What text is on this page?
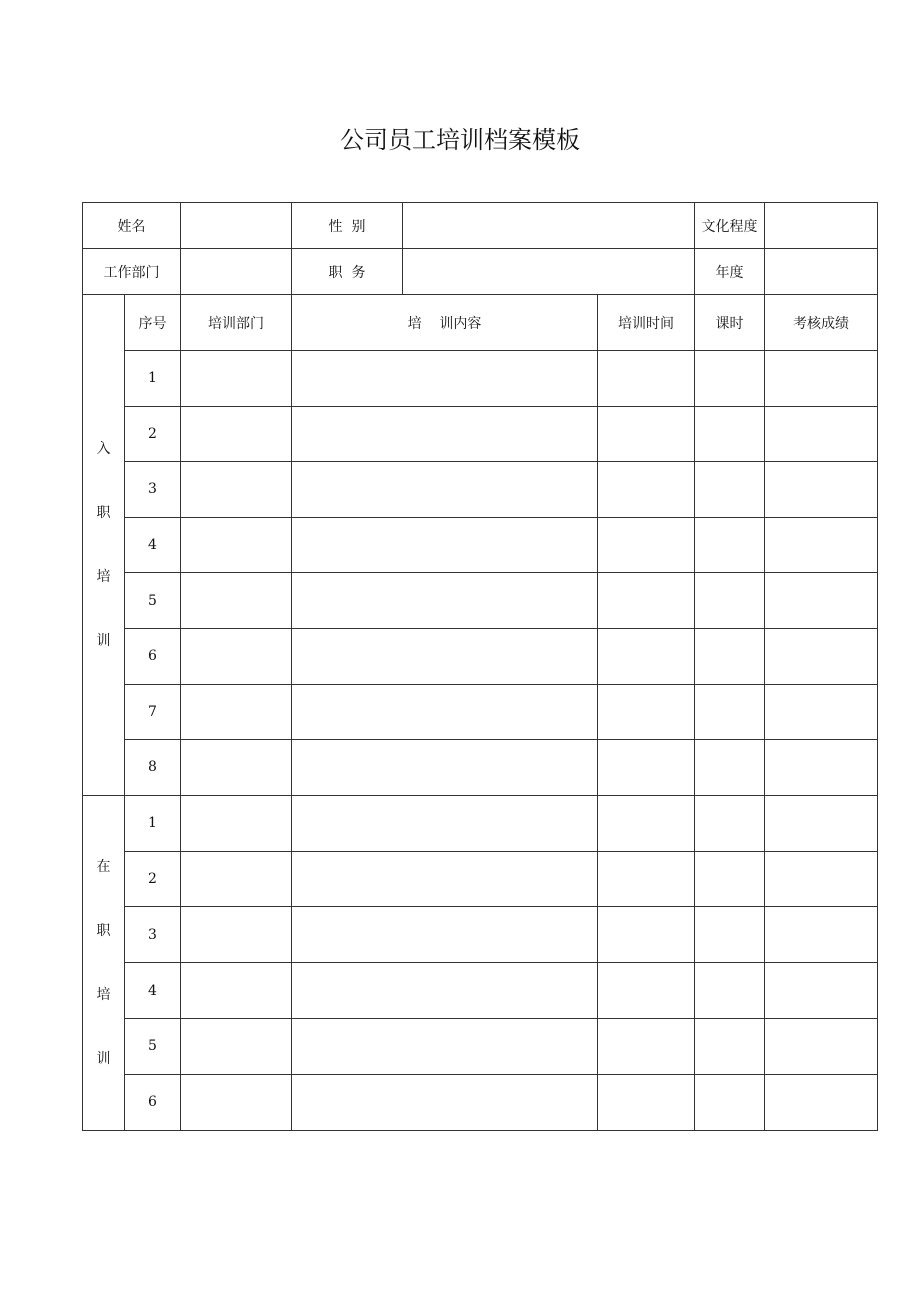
公司员工培训档案模板
姓名			性  别			文化程度	
工作部门			职  务			年度	

入
职
培
训	序号	培训部门	培    训内容		培训时间	课时	考核成绩
	1						
	2						
	3						
	4						
	5						
	6						
	7						
	8						

在
职
培
训	1						
	2						
	3						
	4						
	5						
	6						
